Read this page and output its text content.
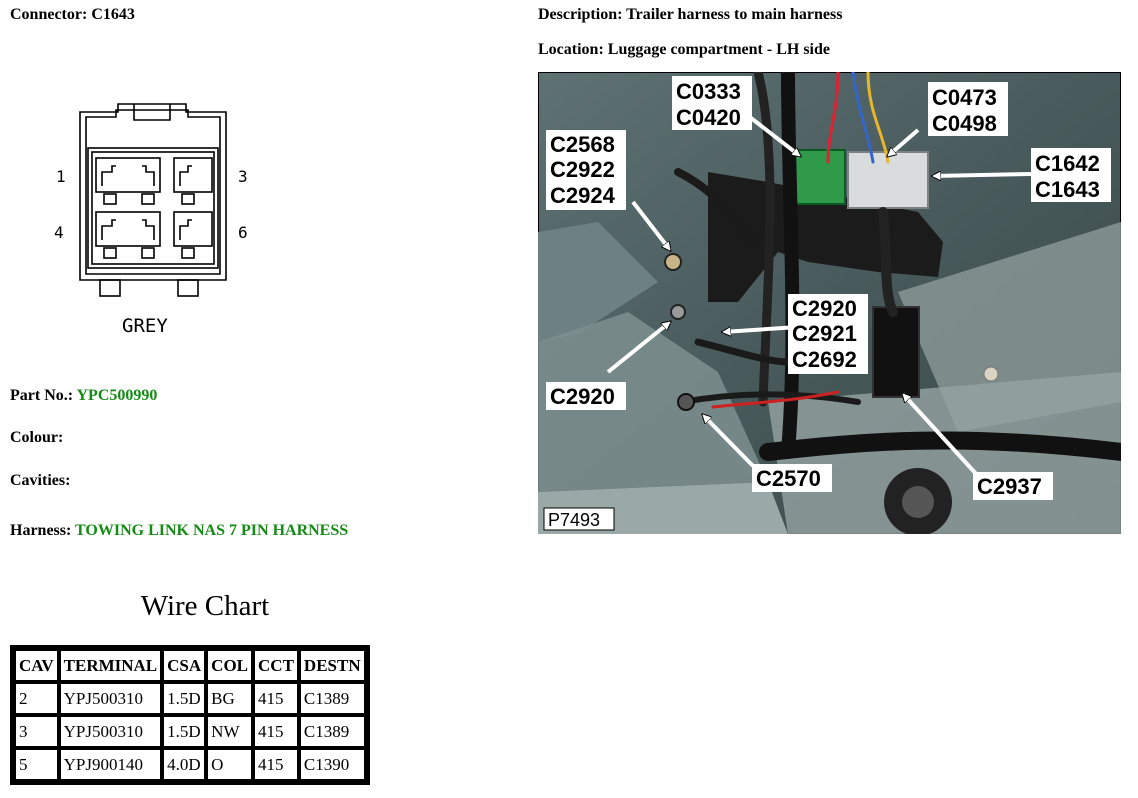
Connector: C1643	Description: Trailer harness to main harness
Location: Luggage compartment - LH side
1	3
4	6
GREY
Part No.: YPC500990
Colour:
Cavities:
Harness: TOWING LINK NAS 7 PIN HARNESS
C0333
C0420
C0473
C0498
C2568
C2922
C2924
C1642
C1643
C2920
C2921
C2692
C2920
C2570	C2937
P7493
Wire Chart
CAV	TERMINAL	CSA	COL	CCT	DESTN
2	YPJ500310	1.5D	BG	415	C1389
3	YPJ500310	1.5D	NW	415	C1389
5	YPJ900140	4.0D	O	415	C1390
